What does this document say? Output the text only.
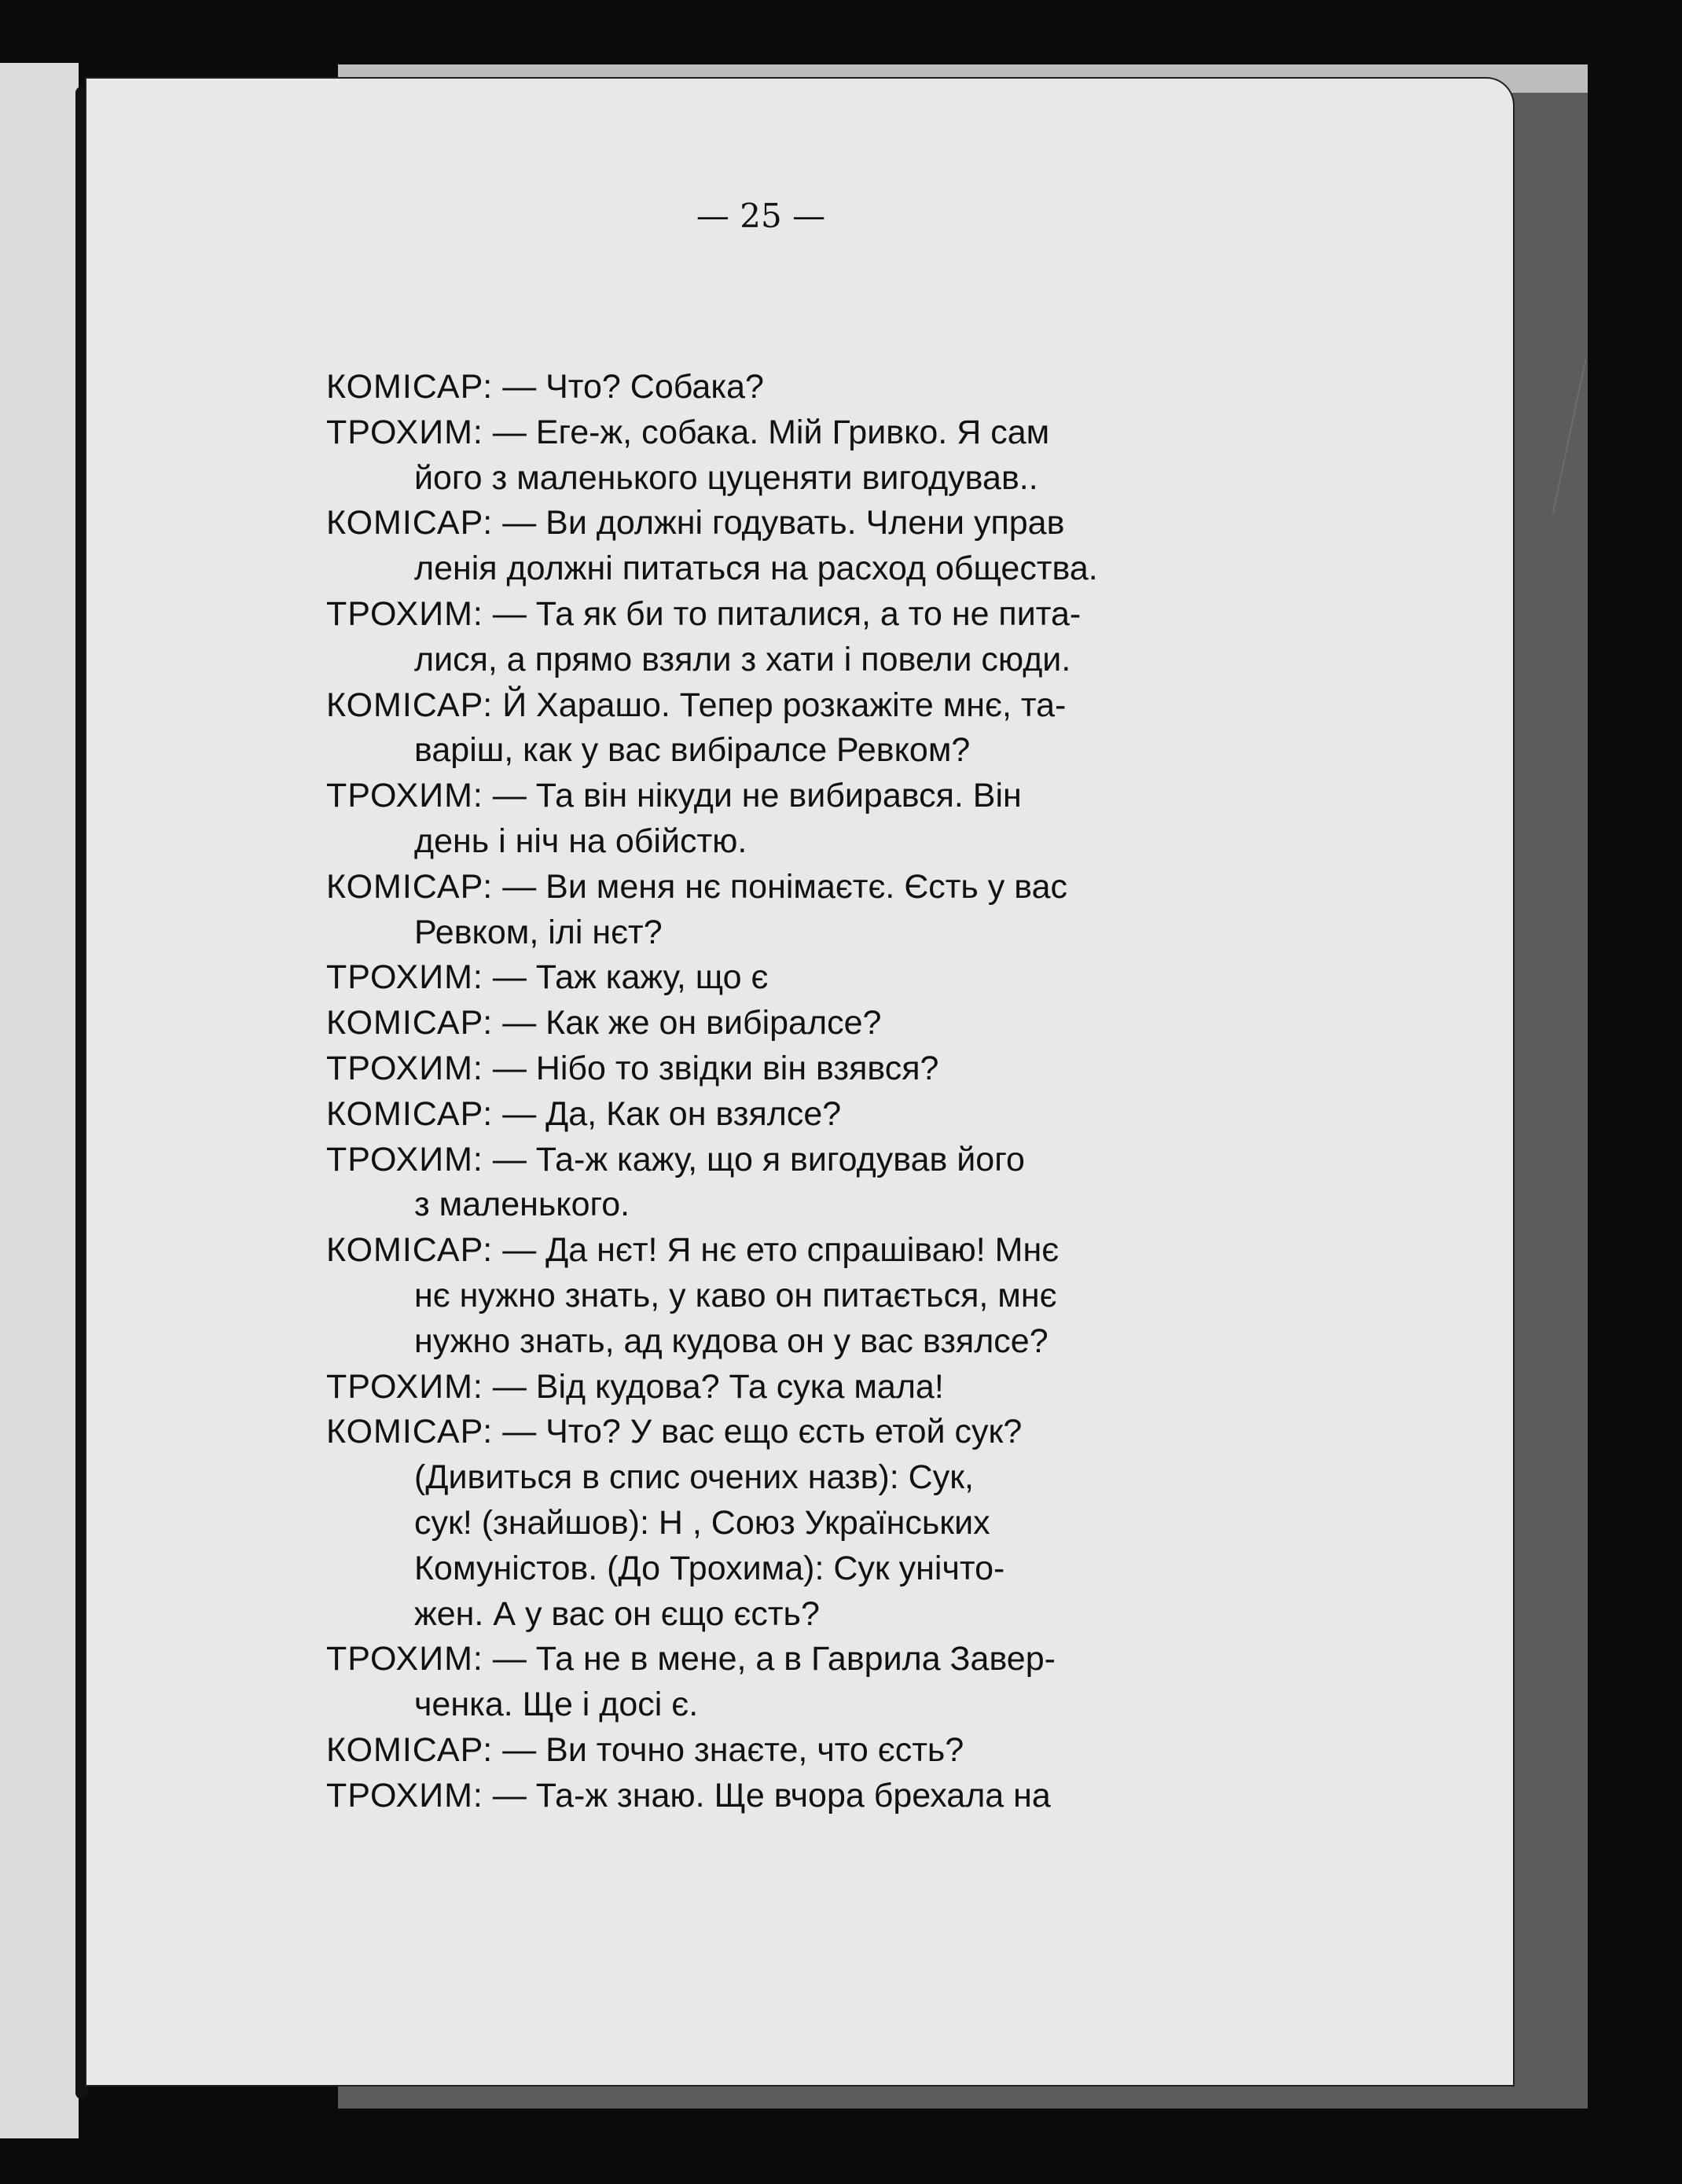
— 25 —
КОМІСАР: — Что? Собака?
ТРОХИМ: — Еге-ж, собака. Мій Гривко. Я сам
його з маленького цуценяти вигодував..
КОМІСАР: — Ви должні годувать. Члени управ
ленія должні питаться на расход общества.
ТРОХИМ: — Та як би то питалися, а то не пита-
лися, а прямо взяли з хати і повели сюди.
КОМІСАР: Й Харашо. Тепер розкажіте мнє, та-
варіш, как у вас вибіралсе Ревком?
ТРОХИМ: — Та він нікуди не вибирався. Він
день і ніч на обійстю.
КОМІСАР: — Ви меня нє понімаєтє. Єсть у вас
Ревком, ілі нєт?
ТРОХИМ: — Таж кажу, що є
КОМІСАР: — Как же он вибіралсе?
ТРОХИМ: — Нібо то звідки він взявся?
КОМІСАР: — Да, Как он взялсе?
ТРОХИМ: — Та-ж кажу, що я вигодував його
з маленького.
КОМІСАР: — Да нєт! Я нє ето спрашіваю! Мнє
нє нужно знать, у каво он питається, мнє
нужно знать, ад кудова он у вас взялсе?
ТРОХИМ: — Від кудова? Та сука мала!
КОМІСАР: — Что? У вас ещо єсть етой сук?
(Дивиться в спис очених назв): Сук,
сук! (знайшов): Н , Союз Українських
Комуністов. (До Трохима): Сук унічто-
жен. А у вас он єщо єсть?
ТРОХИМ: — Та не в мене, а в Гаврила Завер-
ченка. Ще і досі є.
КОМІСАР: — Ви точно знаєте, что єсть?
ТРОХИМ: — Та-ж знаю. Ще вчора брехала на
